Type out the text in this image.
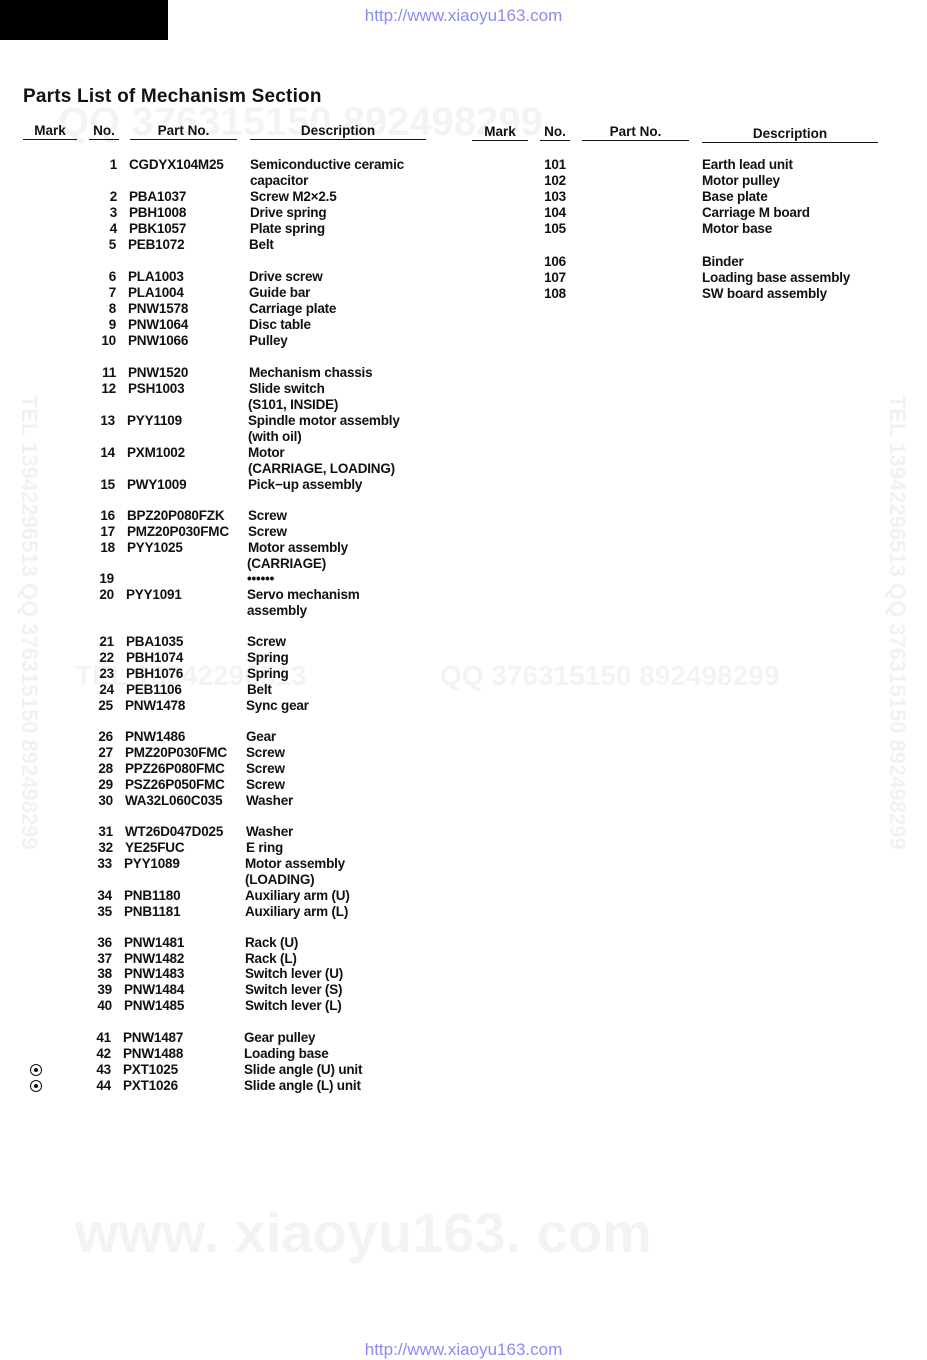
http://www.xiaoyu163.com
TEL 13942296513 QQ 376315150 892498299	TEL 13942296513 QQ 376315150 892498299
Parts List of Mechanism Section
Mark	No.	Part No.	Description	Mark	No.	Part No.	Description
1 CGDYX104M25 Semiconductive ceramic
capacitor
2 PBA1037	Screw M2×2.5
3 PBH1008	Drive spring
4 PBK1057	Plate spring
5 PEB1072	Belt
6 PLA1003	Drive screw
7 PLA1004	Guide bar
8 PNW1578	Carriage plate
9 PNW1064	Disc table
10 PNW1066	Pulley
11 PNW1520	Mechanism chassis
12 PSH1003	Slide switch
(S101, INSIDE)
13 PYY1109	Spindle motor assembly
(with oil)
14 PXM1002	Motor
(CARRIAGE, LOADING)
15 PWY1009	Pick−up assembly
16 BPZ20P080FZK Screw
17 PMZ20P030FMC Screw
18 PYY1025	Motor assembly
(CARRIAGE)
19	••••••
20 PYY1091	Servo mechanism
assembly
21 PBA1035	Screw
22 PBH1074	Spring
23 PBH1076	Spring
24 PEB1106	Belt
25 PNW1478	Sync gear
26 PNW1486	Gear
27 PMZ20P030FMC Screw
28 PPZ26P080FMC Screw
29 PSZ26P050FMC Screw
30 WA32L060C035 Washer
31 WT26D047D025 Washer
32 YE25FUC	E ring
33 PYY1089	Motor assembly
(LOADING)
34 PNB1180	Auxiliary arm (U)
35 PNB1181	Auxiliary arm (L)
36 PNW1481	Rack (U)
37 PNW1482	Rack (L)
38 PNW1483	Switch lever (U)
39 PNW1484	Switch lever (S)
40 PNW1485	Switch lever (L)
41 PNW1487	Gear pulley
42 PNW1488	Loading base
43 PXT1025	Slide angle (U) unit
44 PXT1026	Slide angle (L) unit
101	Earth lead unit
102	Motor pulley
103	Base plate
104	Carriage M board
105	Motor base
106	Binder
107	Loading base assembly
108	SW board assembly
http://www.xiaoyu163.com
